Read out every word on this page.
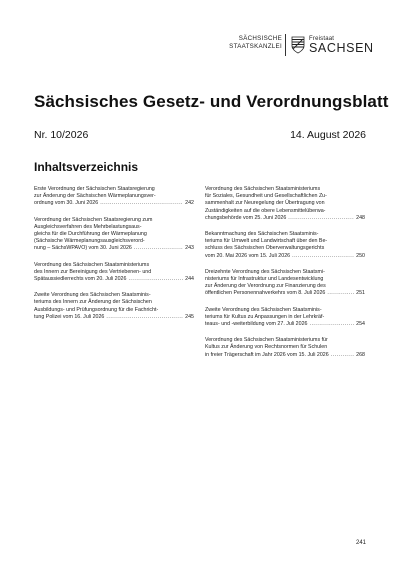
SÄCHSISCHE
STAATSKANZLEI
Freistaat
SACHSEN
Sächsisches Gesetz- und Verordnungsblatt
Nr. 10/2026	14. August 2026
Inhaltsverzeichnis
Erste Verordnung der Sächsischen Staatsregierung
zur Änderung der Sächsischen Wärmeplanungsver-
ordnung vom 30. Juni 2026 .....	242
Verordnung der Sächsischen Staatsregierung zum
Ausgleichsverfahren des Mehrbelastungsaus-
gleichs für die Durchführung der Wärmeplanung
(Sächsische Wärmeplanungsausgleichsverord-
nung – SächsWPAVO) vom 30. Juni 2026 .....	243
Verordnung des Sächsischen Staatsministeriums
des Innern zur Bereinigung des Vertriebenen- und
Spätaussiedlerrechts vom 20. Juli 2026 .....	244
Zweite Verordnung des Sächsischen Staatsminis-
teriums des Innern zur Änderung der Sächsischen
Ausbildungs- und Prüfungsordnung für die Fachricht-
tung Polizei vom 16. Juli 2026 .....	245
Verordnung des Sächsischen Staatsministeriums
für Soziales, Gesundheit und Gesellschaftlichen Zu-
sammenhalt zur Neuregelung der Übertragung von
Zuständigkeiten auf die obere Lebensmittelüberwa-
chungsbehörde vom 25. Juni 2026 .....	248
Bekanntmachung des Sächsischen Staatsminis-
teriums für Umwelt und Landwirtschaft über den Be-
schluss des Sächsischen Oberverwaltungsgerichts
vom 20. Mai 2026 vom 15. Juli 2026 .....	250
Dreizehnte Verordnung des Sächsischen Staatsmi-
nisteriums für Infrastruktur und Landesentwicklung
zur Änderung der Verordnung zur Finanzierung des
öffentlichen Personennahverkehrs vom 8. Juli 2026 .....	251
Zweite Verordnung des Sächsischen Staatsminis-
teriums für Kultus zu Anpassungen in der Lehrkräf-
teaus- und -weiterbildung vom 27. Juli 2026 .....	254
Verordnung des Sächsischen Staatsministeriums für
Kultus zur Änderung von Rechtsnormen für Schulen
in freier Trägerschaft im Jahr 2026 vom 15. Juli 2026 .....	268
241
